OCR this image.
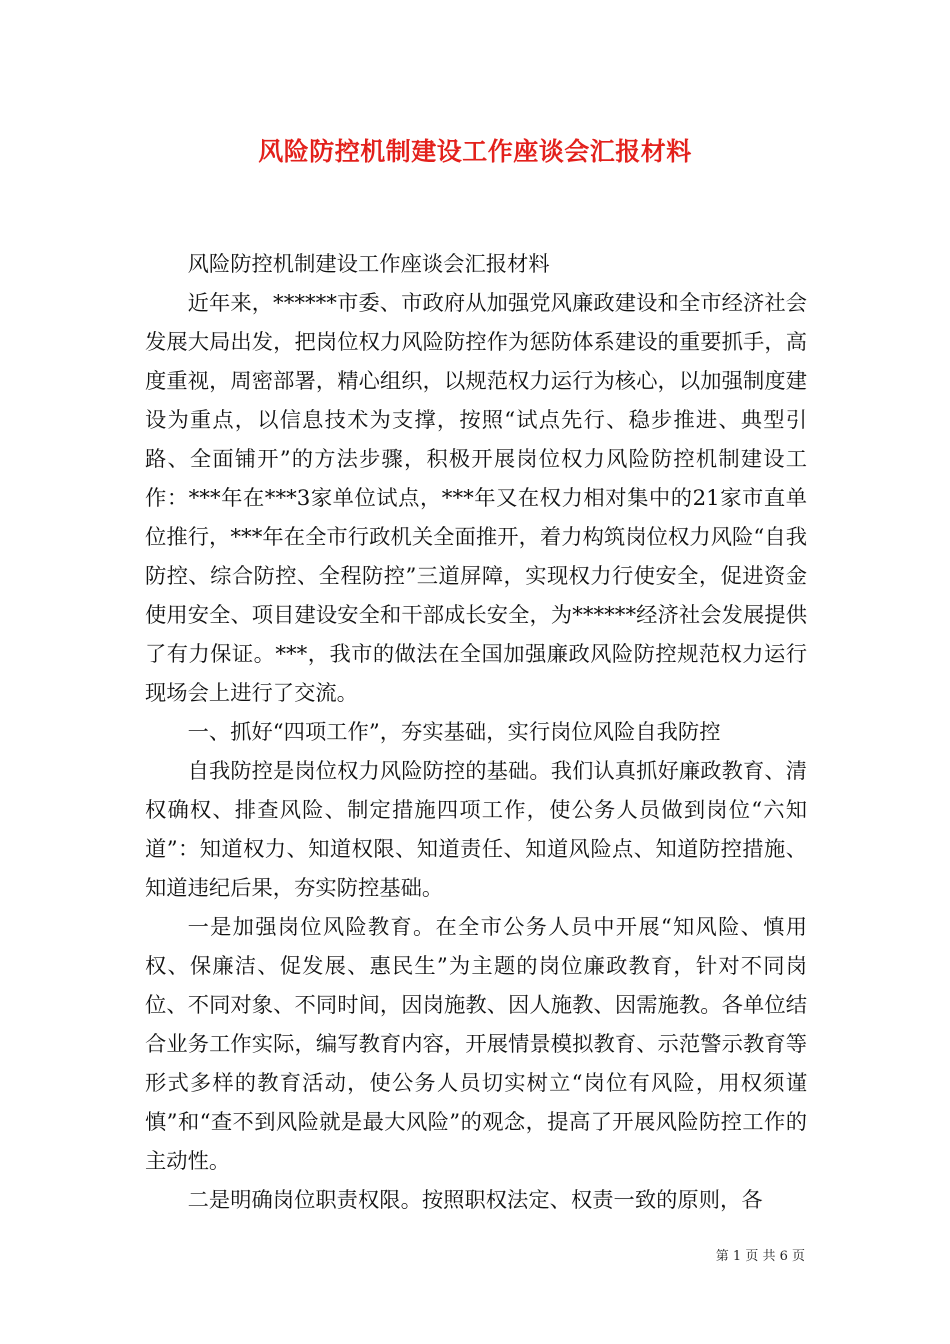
风险防控机制建设工作座谈会汇报材料

风险防控机制建设工作座谈会汇报材料

近年来，******市委、市政府从加强党风廉政建设和全市经济社会发展大局出发，把岗位权力风险防控作为惩防体系建设的重要抓手，高度重视，周密部署，精心组织，以规范权力运行为核心，以加强制度建设为重点，以信息技术为支撑，按照“试点先行、稳步推进、典型引路、全面铺开”的方法步骤，积极开展岗位权力风险防控机制建设工作：***年在***3家单位试点，***年又在权力相对集中的21家市直单位推行，***年在全市行政机关全面推开，着力构筑岗位权力风险“自我防控、综合防控、全程防控”三道屏障，实现权力行使安全，促进资金使用安全、项目建设安全和干部成长安全，为******经济社会发展提供了有力保证。***，我市的做法在全国加强廉政风险防控规范权力运行现场会上进行了交流。

一、抓好“四项工作”，夯实基础，实行岗位风险自我防控

自我防控是岗位权力风险防控的基础。我们认真抓好廉政教育、清权确权、排查风险、制定措施四项工作，使公务人员做到岗位“六知道”：知道权力、知道权限、知道责任、知道风险点、知道防控措施、知道违纪后果，夯实防控基础。

一是加强岗位风险教育。在全市公务人员中开展“知风险、慎用权、保廉洁、促发展、惠民生”为主题的岗位廉政教育，针对不同岗位、不同对象、不同时间，因岗施教、因人施教、因需施教。各单位结合业务工作实际，编写教育内容，开展情景模拟教育、示范警示教育等形式多样的教育活动，使公务人员切实树立“岗位有风险，用权须谨慎”和“查不到风险就是最大风险”的观念，提高了开展风险防控工作的主动性。

二是明确岗位职责权限。按照职权法定、权责一致的原则，各

第 1 页 共 6 页
